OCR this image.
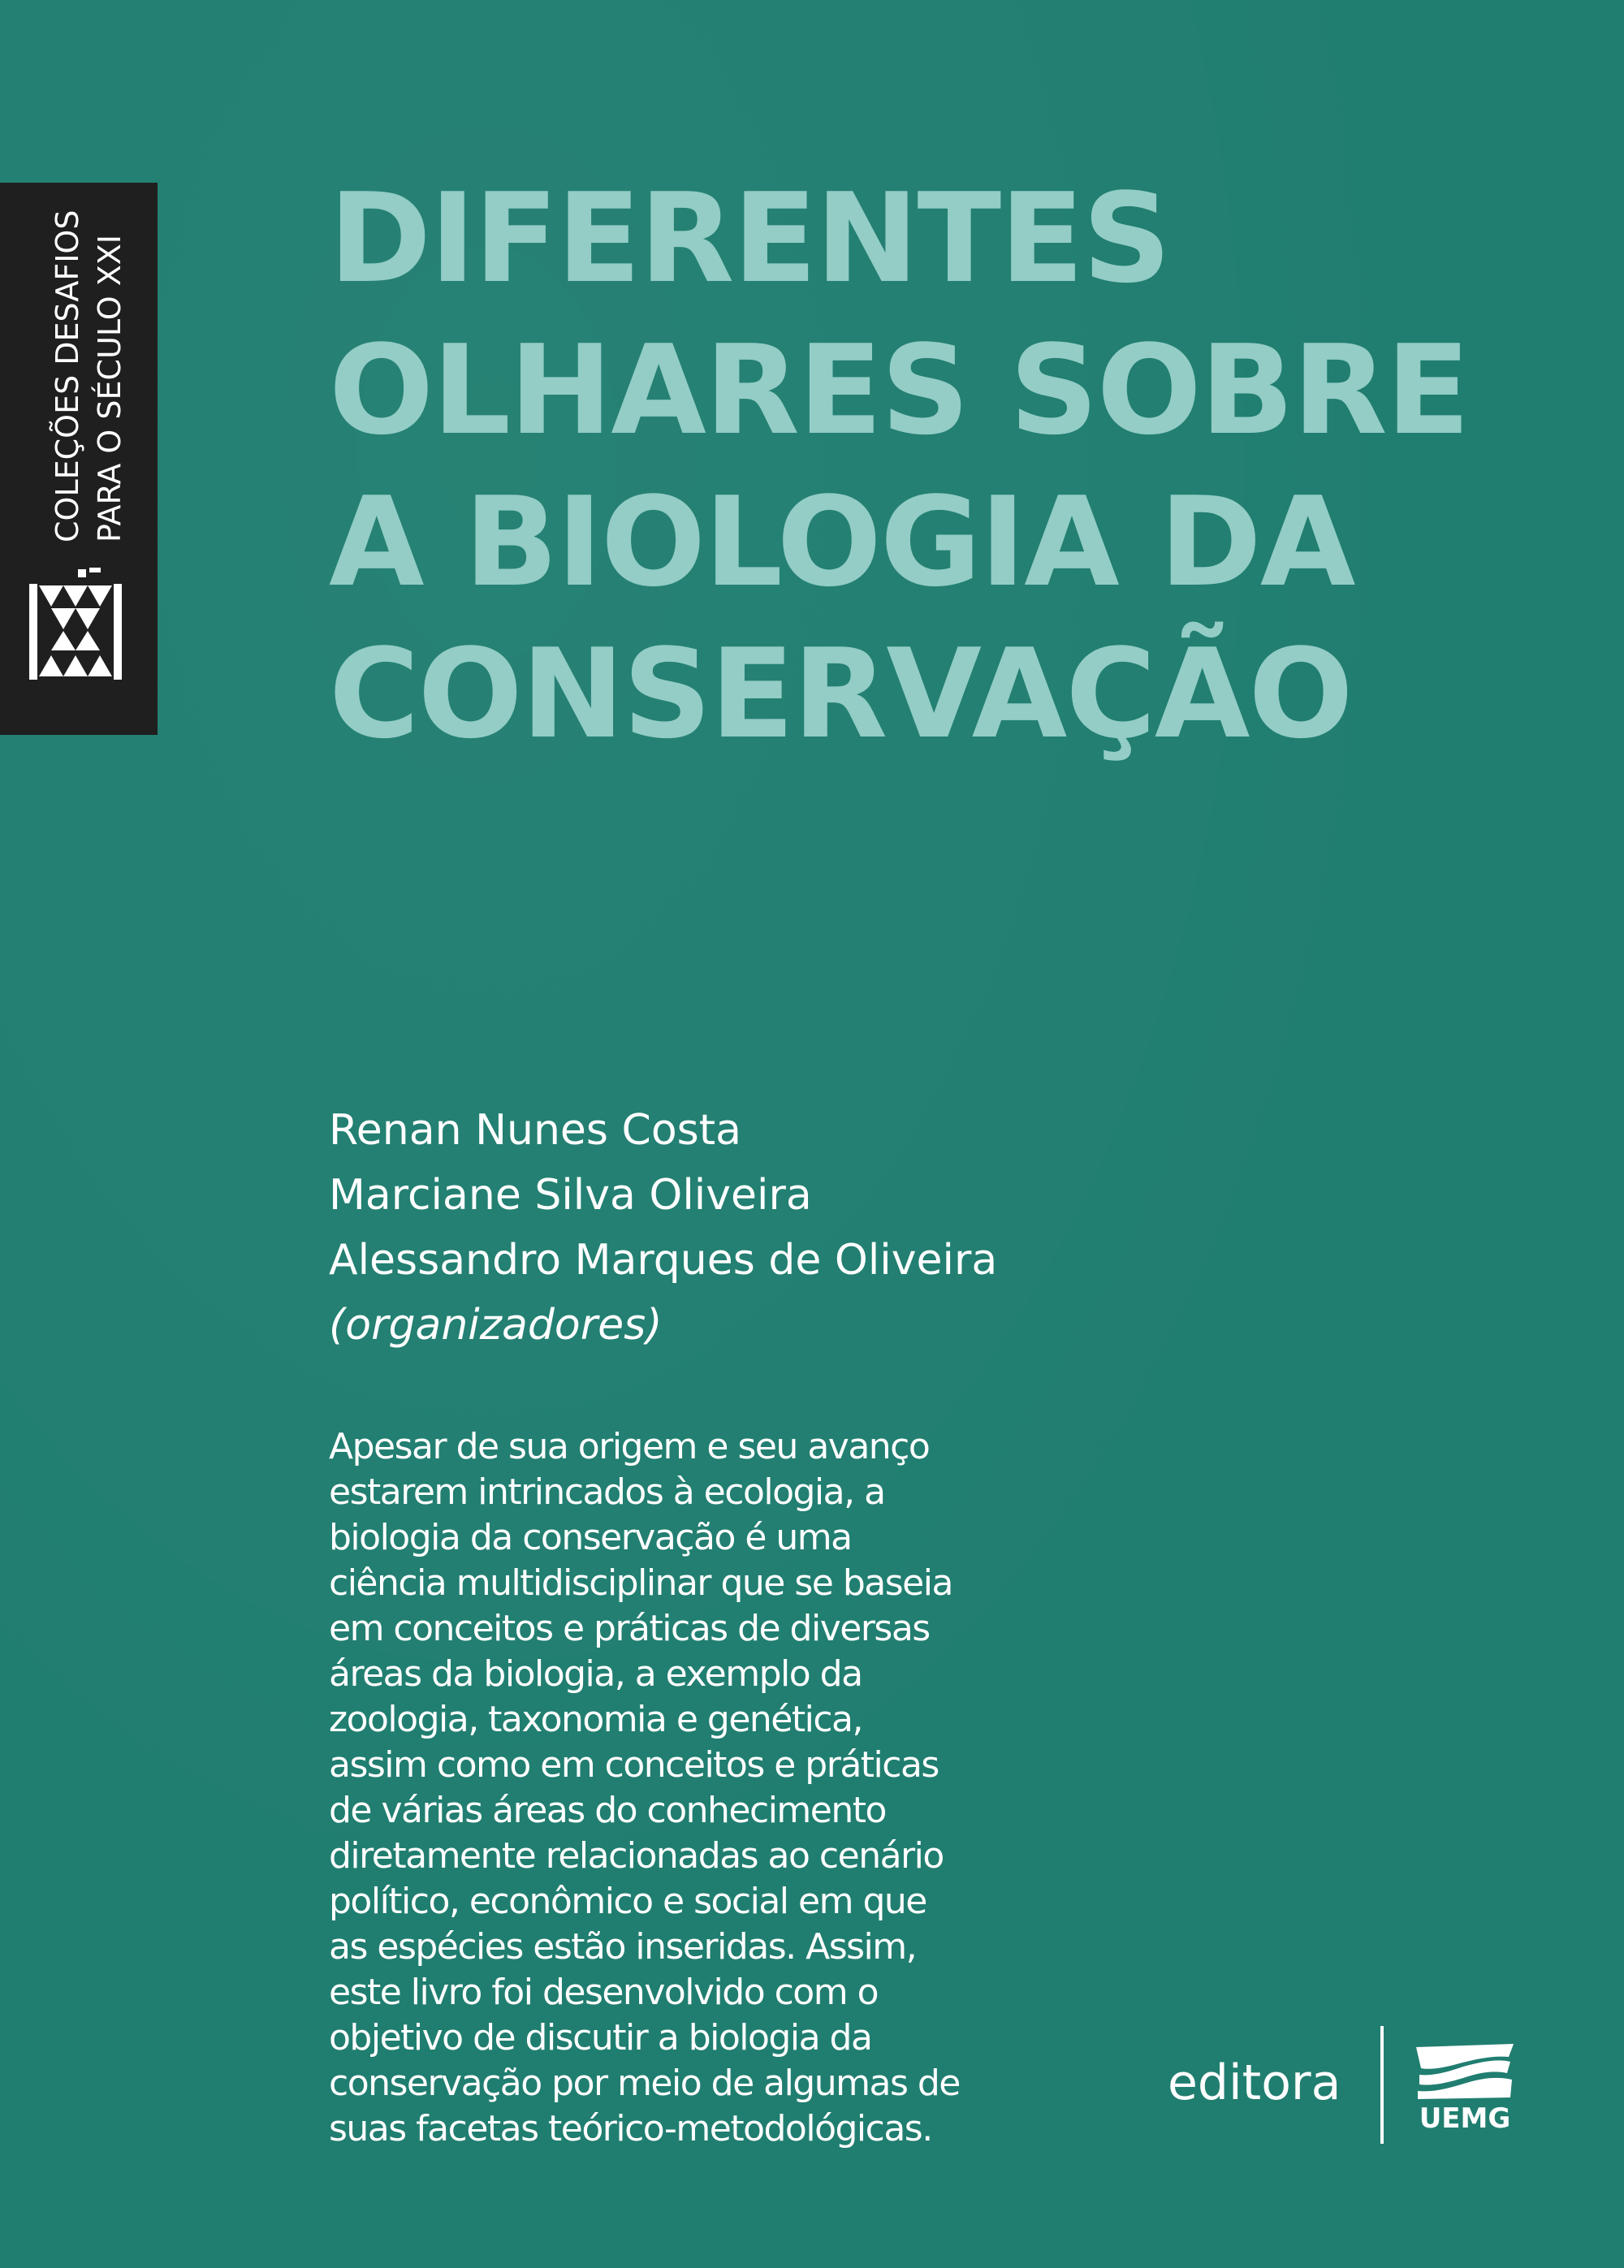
COLEÇÕES DESAFIOS PARA O SÉCULO XXI DIFERENTES
OLHARES SOBRE
A BIOLOGIA DA
CONSERVAÇÃO
Renan Nunes Costa
Marciane Silva Oliveira
Alessandro Marques de Oliveira
(organizadores)
Apesar de sua origem e seu avanço
estarem intrincados à ecologia, a
biologia da conservação é uma
ciência multidisciplinar que se baseia
em conceitos e práticas de diversas
áreas da biologia, a exemplo da
zoologia, taxonomia e genética,
assim como em conceitos e práticas
de várias áreas do conhecimento
diretamente relacionadas ao cenário
político, econômico e social em que
as espécies estão inseridas. Assim,
este livro foi desenvolvido com o
objetivo de discutir a biologia da
conservação por meio de algumas de
suas facetas teórico-metodológicas.
editora
UEMG
